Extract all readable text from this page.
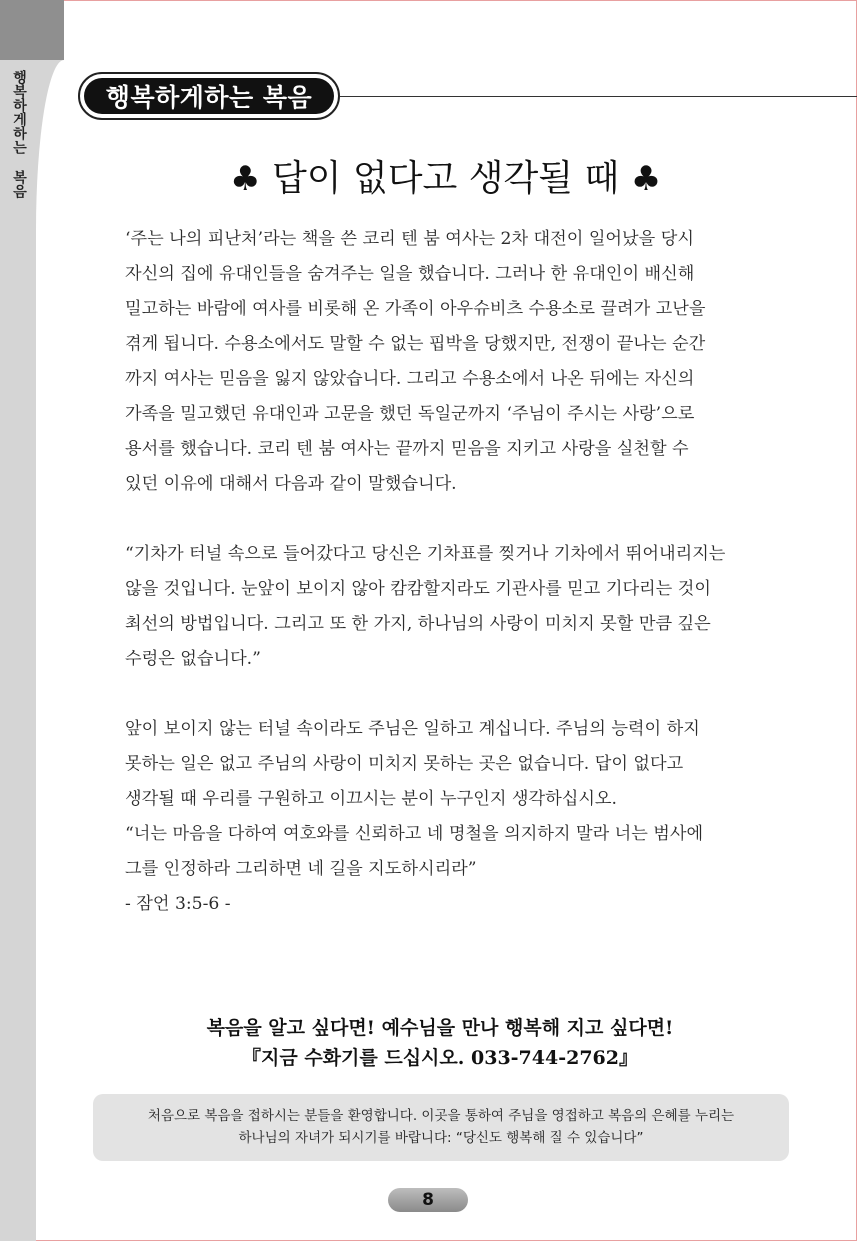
행복하게하는 복음	행복하게하는 복음
♣ 답이 없다고 생각될 때 ♣
‘주는 나의 피난처’라는 책을 쓴 코리 텐 붐 여사는 2차 대전이 일어났을 당시
자신의 집에 유대인들을 숨겨주는 일을 했습니다. 그러나 한 유대인이 배신해
밀고하는 바람에 여사를 비롯해 온 가족이 아우슈비츠 수용소로 끌려가 고난을
겪게 됩니다. 수용소에서도 말할 수 없는 핍박을 당했지만, 전쟁이 끝나는 순간
까지 여사는 믿음을 잃지 않았습니다. 그리고 수용소에서 나온 뒤에는 자신의
가족을 밀고했던 유대인과 고문을 했던 독일군까지 ‘주님이 주시는 사랑’으로
용서를 했습니다. 코리 텐 붐 여사는 끝까지 믿음을 지키고 사랑을 실천할 수
있던 이유에 대해서 다음과 같이 말했습니다.
“기차가 터널 속으로 들어갔다고 당신은 기차표를 찢거나 기차에서 뛰어내리지는
않을 것입니다. 눈앞이 보이지 않아 캄캄할지라도 기관사를 믿고 기다리는 것이
최선의 방법입니다. 그리고 또 한 가지, 하나님의 사랑이 미치지 못할 만큼 깊은
수렁은 없습니다.”
앞이 보이지 않는 터널 속이라도 주님은 일하고 계십니다. 주님의 능력이 하지
못하는 일은 없고 주님의 사랑이 미치지 못하는 곳은 없습니다. 답이 없다고
생각될 때 우리를 구원하고 이끄시는 분이 누구인지 생각하십시오.
“너는 마음을 다하여 여호와를 신뢰하고 네 명철을 의지하지 말라 너는 범사에
그를 인정하라 그리하면 네 길을 지도하시리라”
- 잠언 3:5-6 -
복음을 알고 싶다면! 예수님을 만나 행복해 지고 싶다면!
『지금 수화기를 드십시오. 033-744-2762』
처음으로 복음을 접하시는 분들을 환영합니다. 이곳을 통하여 주님을 영접하고 복음의 은혜를 누리는
하나님의 자녀가 되시기를 바랍니다: “당신도 행복해 질 수 있습니다”
8
